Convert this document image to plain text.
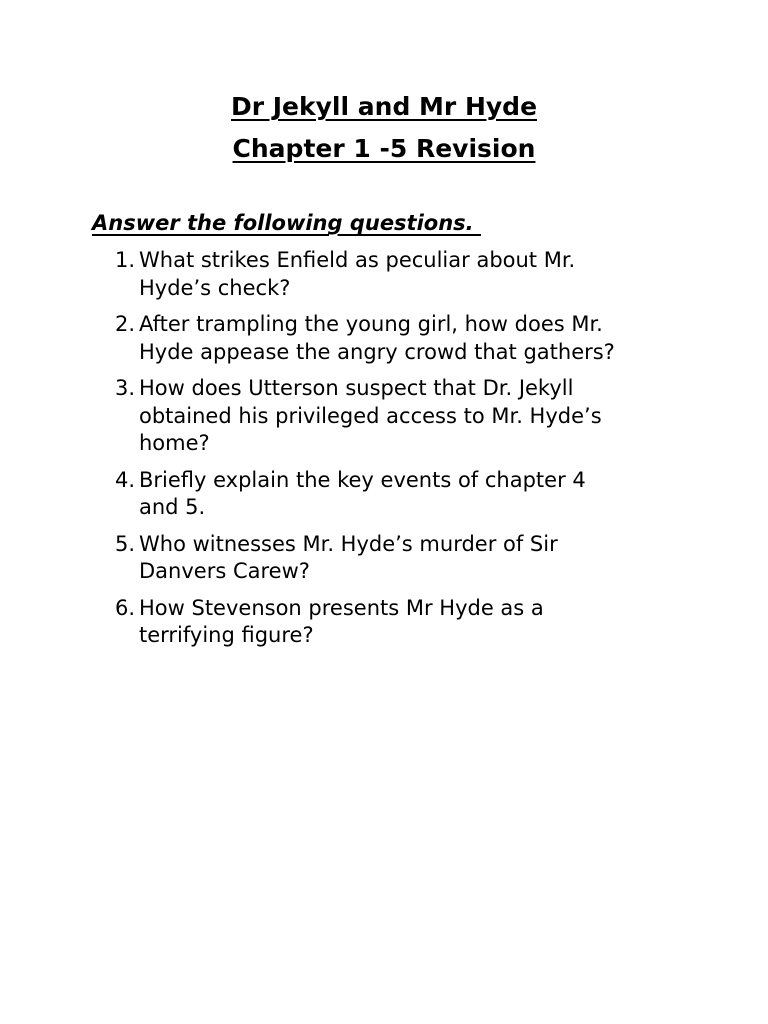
Dr Jekyll and Mr Hyde
Chapter 1 -5 Revision
Answer the following questions.
1. What strikes Enfield as peculiar about Mr.
Hyde’s check?
2. After trampling the young girl, how does Mr.
Hyde appease the angry crowd that gathers?
3. How does Utterson suspect that Dr. Jekyll
obtained his privileged access to Mr. Hyde’s
home?
4. Briefly explain the key events of chapter 4
and 5.
5. Who witnesses Mr. Hyde’s murder of Sir
Danvers Carew?
6. How Stevenson presents Mr Hyde as a
terrifying figure?
